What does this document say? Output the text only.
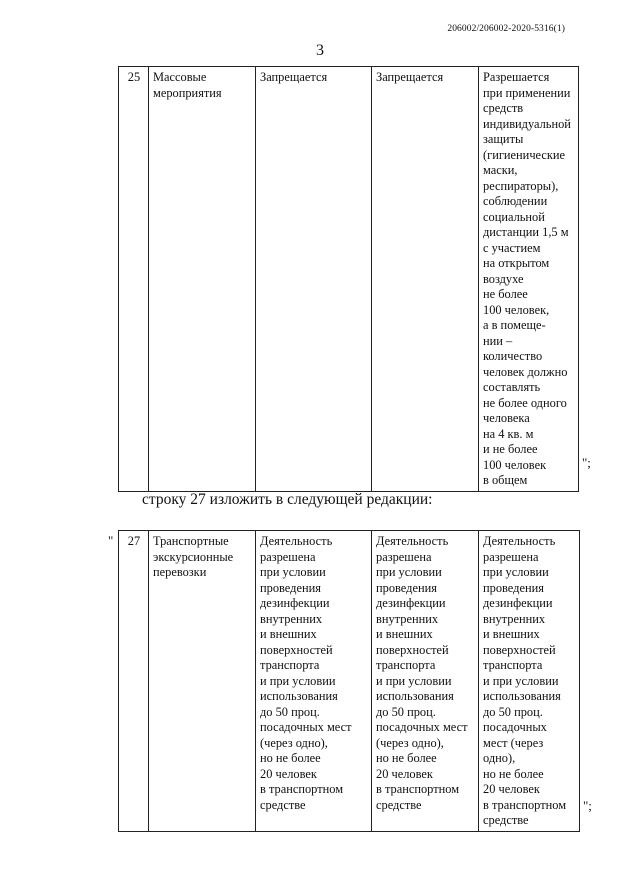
206002/206002-2020-5316(1)
3
25	Массовые
мероприятия	Запрещается	Запрещается	Разрешается
при применении
средств
индивидуальной
защиты
(гигиенические
маски,
респираторы),
соблюдении
социальной
дистанции 1,5 м
с участием
на открытом
воздухе
не более
100 человек,
а в помеще-
нии –
количество
человек должно
составлять
не более одного
человека
на 4 кв. м
и не более
100 человек
в общем
";
строку 27 изложить в следующей редакции:
" 27	Транспортные
экскурсионные
перевозки	Деятельность
разрешена
при условии
проведения
дезинфекции
внутренних
и внешних
поверхностей
транспорта
и при условии
использования
до 50 проц.
посадочных мест
(через одно),
но не более
20 человек
в транспортном
средстве	Деятельность
разрешена
при условии
проведения
дезинфекции
внутренних
и внешних
поверхностей
транспорта
и при условии
использования
до 50 проц.
посадочных мест
(через одно),
но не более
20 человек
в транспортном
средстве	Деятельность
разрешена
при условии
проведения
дезинфекции
внутренних
и внешних
поверхностей
транспорта
и при условии
использования
до 50 проц.
посадочных
мест (через
одно),
но не более
20 человек
в транспортном
средстве
";
